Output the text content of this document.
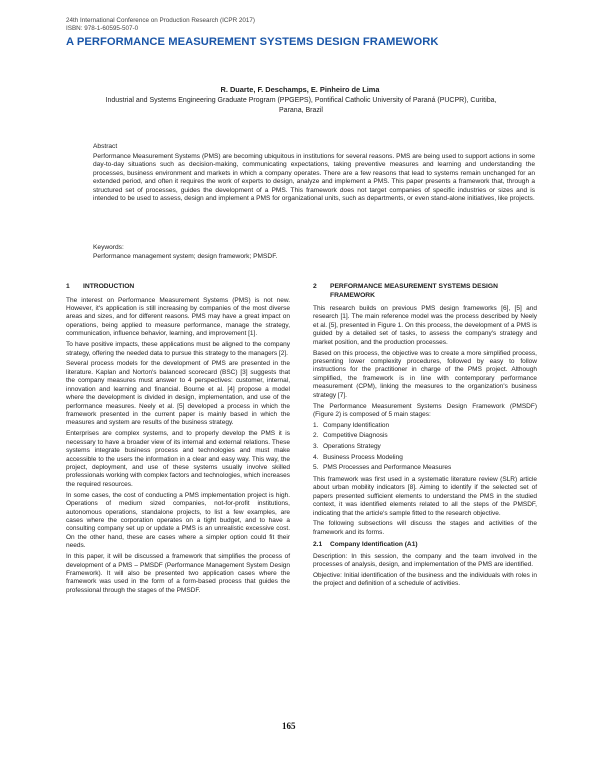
24th International Conference on Production Research (ICPR 2017)
ISBN: 978-1-60595-507-0
A PERFORMANCE MEASUREMENT SYSTEMS DESIGN FRAMEWORK
R. Duarte, F. Deschamps, E. Pinheiro de Lima
Industrial and Systems Engineering Graduate Program (PPGEPS), Pontifical Catholic University of Paraná (PUCPR), Curitiba, Parana, Brazil

Abstract

Performance Measurement Systems (PMS) are becoming ubiquitous in institutions for several reasons. PMS are being used to support actions in some day-to-day situations such as decision-making, communicating expectations, taking preventive measures and learning and understanding the processes, business environment and markets in which a company operates. There are a few reasons that lead to systems remain unchanged for an extended period, and often it requires the work of experts to design, analyze and implement a PMS. This paper presents a framework that, through a structured set of processes, guides the development of a PMS. This framework does not target companies of specific industries or sizes and is intended to be used to assess, design and implement a PMS for organizational units, such as departments, or even stand-alone initiatives, like projects.

Keywords:

Performance management system; design framework; PMSDF.

1 INTRODUCTION

The interest on Performance Measurement Systems (PMS) is not new. However, it's application is still increasing by companies of the most diverse areas and sizes, and for different reasons. PMS may have a great impact on operations, being applied to measure performance, manage the strategy, communication, influence behavior, learning, and improvement [1].

To have positive impacts, these applications must be aligned to the company strategy, offering the needed data to pursue this strategy to the managers [2].

Several process models for the development of PMS are presented in the literature. Kaplan and Norton's balanced scorecard (BSC) [3] suggests that the company measures must answer to 4 perspectives: customer, internal, innovation and learning and financial. Bourne et al. [4] propose a model where the development is divided in design, implementation, and use of the performance measures. Neely et al. [5] developed a process in which the framework presented in the current paper is mainly based in which the measures and system are results of the business strategy.

Enterprises are complex systems, and to properly develop the PMS it is necessary to have a broader view of its internal and external relations. These systems integrate business process and technologies and must make accessible to the users the information in a clear and easy way. This way, the project, deployment, and use of these systems usually involve skilled professionals working with complex factors and technologies, which increases the required resources.

In some cases, the cost of conducting a PMS implementation project is high. Operations of medium sized companies, not-for-profit institutions, autonomous operations, standalone projects, to list a few examples, are cases where the corporation operates on a tight budget, and to have a consulting company set up or update a PMS is an unrealistic excessive cost. On the other hand, these are cases where a simpler option could fit their needs.

In this paper, it will be discussed a framework that simplifies the process of development of a PMS – PMSDF (Performance Management System Design Framework). It will also be presented two application cases where the framework was used in the form of a form-based process that guides the professional through the stages of the PMSDF.

2 PERFORMANCE MEASUREMENT SYSTEMS DESIGN FRAMEWORK

This research builds on previous PMS design frameworks [6], [5] and research [1]. The main reference model was the process described by Neely et al. [5], presented in Figure 1. On this process, the development of a PMS is guided by a detailed set of tasks, to assess the company's strategy and market position, and the production processes.

Based on this process, the objective was to create a more simplified process, presenting lower complexity procedures, followed by easy to follow instructions for the practitioner in charge of the PMS project. Although simplified, the framework is in line with contemporary performance measurement (CPM), linking the measures to the organization's business strategy [7].

The Performance Measurement Systems Design Framework (PMSDF) (Figure 2) is composed of 5 main stages:

1. Company Identification
2. Competitive Diagnosis
3. Operations Strategy
4. Business Process Modeling
5. PMS Processes and Performance Measures

This framework was first used in a systematic literature review (SLR) article about urban mobility indicators [8]. Aiming to identify if the selected set of papers presented sufficient elements to understand the PMS in the studied context, it was identified elements related to all the steps of the PMSDF, indicating that the article's sample fitted to the research objective.

The following subsections will discuss the stages and activities of the framework and its forms.

2.1 Company Identification (A1)

Description: In this session, the company and the team involved in the processes of analysis, design, and implementation of the PMS are identified.

Objective: Initial identification of the business and the individuals with roles in the project and definition of a schedule of activities.

165
